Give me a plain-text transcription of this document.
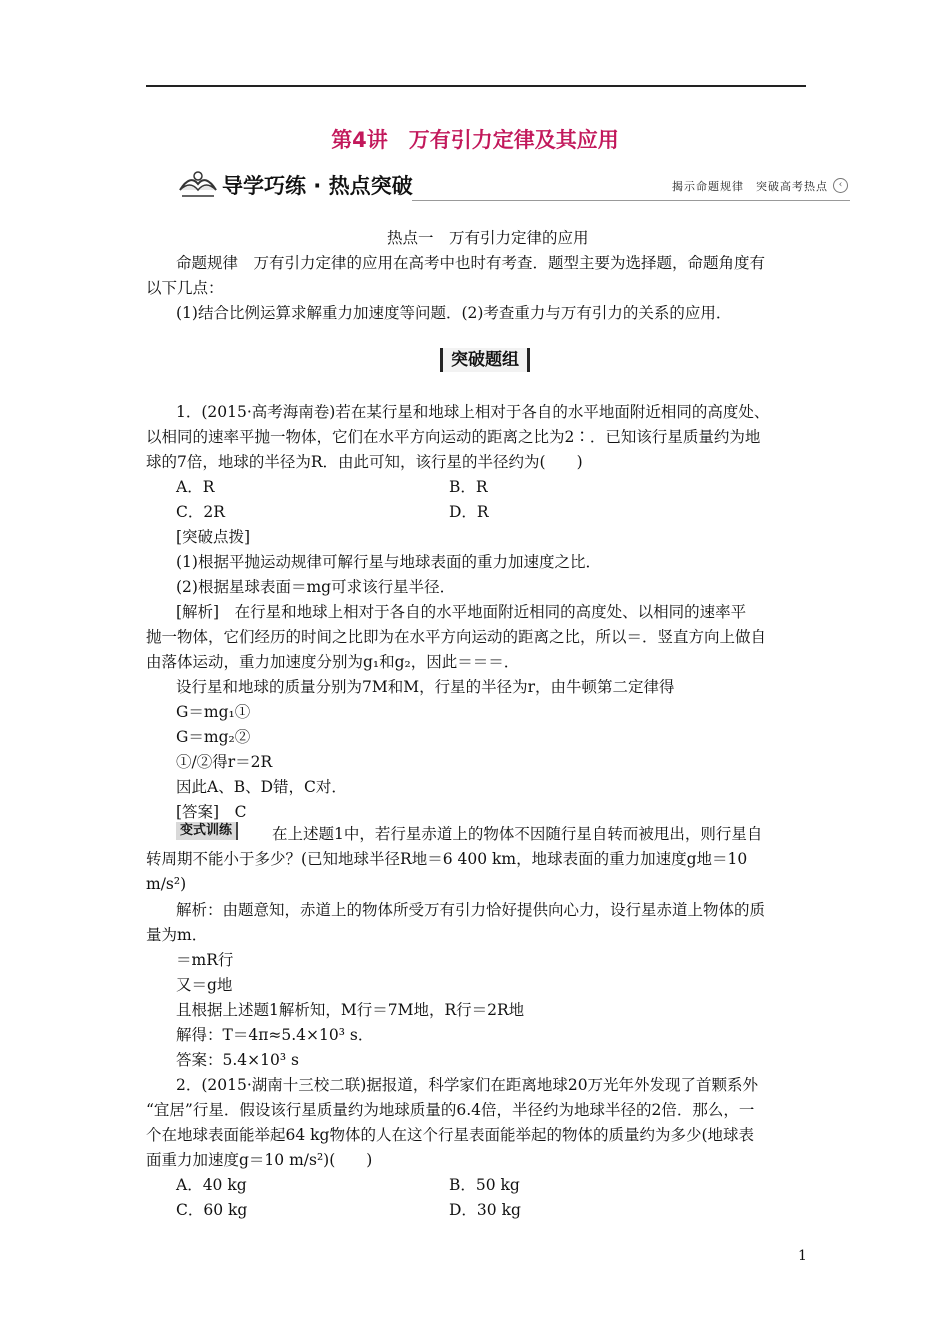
第4讲　万有引力定律及其应用
导学巧练 · 热点突破	揭示命题规律　突破高考热点	‹
热点一　万有引力定律的应用
命题规律　万有引力定律的应用在高考中也时有考查．题型主要为选择题，命题角度有
以下几点：
(1)结合比例运算求解重力加速度等问题．(2)考查重力与万有引力的关系的应用．
突破题组
1．(2015·高考海南卷)若在某行星和地球上相对于各自的水平地面附近相同的高度处、
以相同的速率平抛一物体，它们在水平方向运动的距离之比为2∶．已知该行星质量约为地
球的7倍，地球的半径为R．由此可知，该行星的半径约为(　　)
A．R	B．R
C．2R	D．R
[突破点拨]
(1)根据平抛运动规律可解行星与地球表面的重力加速度之比．
(2)根据星球表面＝mg可求该行星半径．
[解析]　在行星和地球上相对于各自的水平地面附近相同的高度处、以相同的速率平
抛一物体，它们经历的时间之比即为在水平方向运动的距离之比，所以＝．竖直方向上做自
由落体运动，重力加速度分别为g₁和g₂，因此＝＝＝．
设行星和地球的质量分别为7M和M，行星的半径为r，由牛顿第二定律得
G＝mg₁①
G＝mg₂②
①/②得r＝2R
因此A、B、D错，C对．
[答案]　C
变式训练	在上述题1中，若行星赤道上的物体不因随行星自转而被甩出，则行星自
转周期不能小于多少？(已知地球半径R地＝6 400 km，地球表面的重力加速度g地＝10
m/s²)
解析：由题意知，赤道上的物体所受万有引力恰好提供向心力，设行星赤道上物体的质
量为m．
＝mR行
又＝g地
且根据上述题1解析知，M行＝7M地，R行＝2R地
解得：T＝4π≈5.4×10³ s．
答案：5.4×10³ s
2．(2015·湖南十三校二联)据报道，科学家们在距离地球20万光年外发现了首颗系外
“宜居”行星．假设该行星质量约为地球质量的6.4倍，半径约为地球半径的2倍．那么，一
个在地球表面能举起64 kg物体的人在这个行星表面能举起的物体的质量约为多少(地球表
面重力加速度g＝10 m/s²)(　　)
A．40 kg	B．50 kg
C．60 kg	D．30 kg
1
